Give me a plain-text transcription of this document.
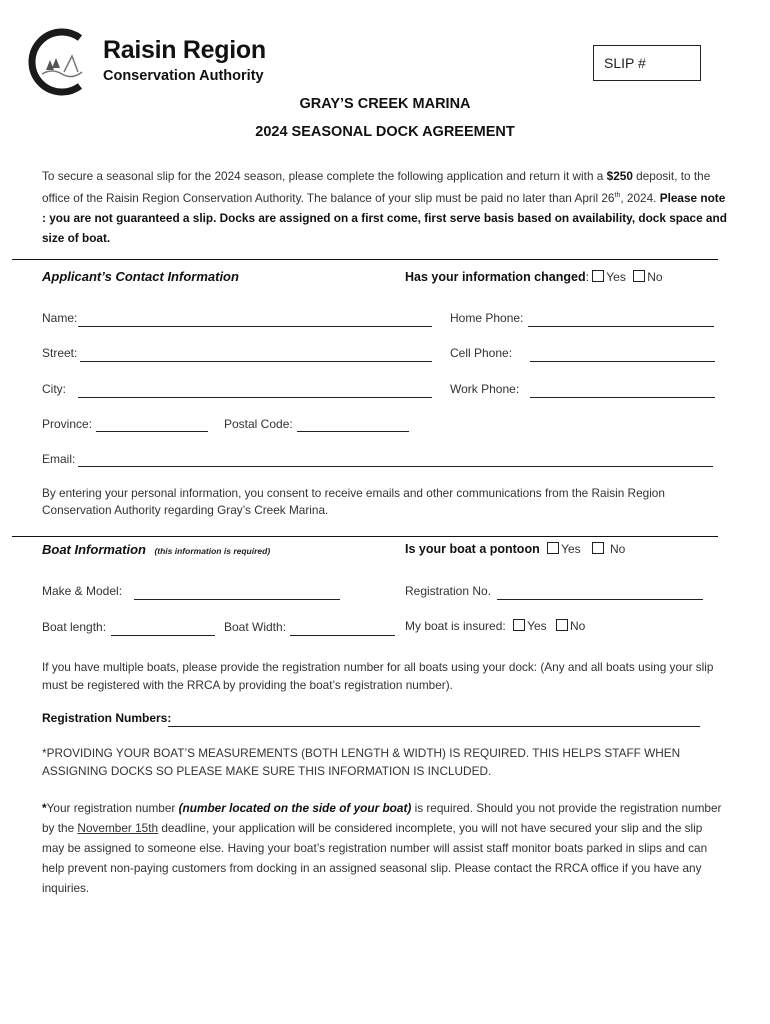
Raisin Region
Conservation Authority
SLIP #
GRAY’S CREEK MARINA
2024 SEASONAL DOCK AGREEMENT
To secure a seasonal slip for the 2024 season, please complete the following application and return it with a $250 deposit, to the office of the Raisin Region Conservation Authority. The balance of your slip must be paid no later than April 26th, 2024. Please note : you are not guaranteed a slip. Docks are assigned on a first come, first serve basis based on availability, dock space and size of boat.
Applicant’s Contact Information	Has your information changed: Yes No
Name:	Home Phone:
Street:	Cell Phone:
City:	Work Phone:
Province:	Postal Code:
Email:
By entering your personal information, you consent to receive emails and other communications from the Raisin Region Conservation Authority regarding Gray’s Creek Marina.
Boat Information (this information is required)	Is your boat a pontoon Yes No
Make & Model:	Registration No.
Boat length:	Boat Width:	My boat is insured: Yes No
If you have multiple boats, please provide the registration number for all boats using your dock: (Any and all boats using your slip must be registered with the RRCA by providing the boat’s registration number).
Registration Numbers:
*PROVIDING YOUR BOAT’S MEASUREMENTS (BOTH LENGTH & WIDTH) IS REQUIRED. THIS HELPS STAFF WHEN ASSIGNING DOCKS SO PLEASE MAKE SURE THIS INFORMATION IS INCLUDED.
*Your registration number (number located on the side of your boat) is required. Should you not provide the registration number by the November 15th deadline, your application will be considered incomplete, you will not have secured your slip and the slip may be assigned to someone else. Having your boat’s registration number will assist staff monitor boats parked in slips and can help prevent non-paying customers from docking in an assigned seasonal slip. Please contact the RRCA office if you have any inquiries.
